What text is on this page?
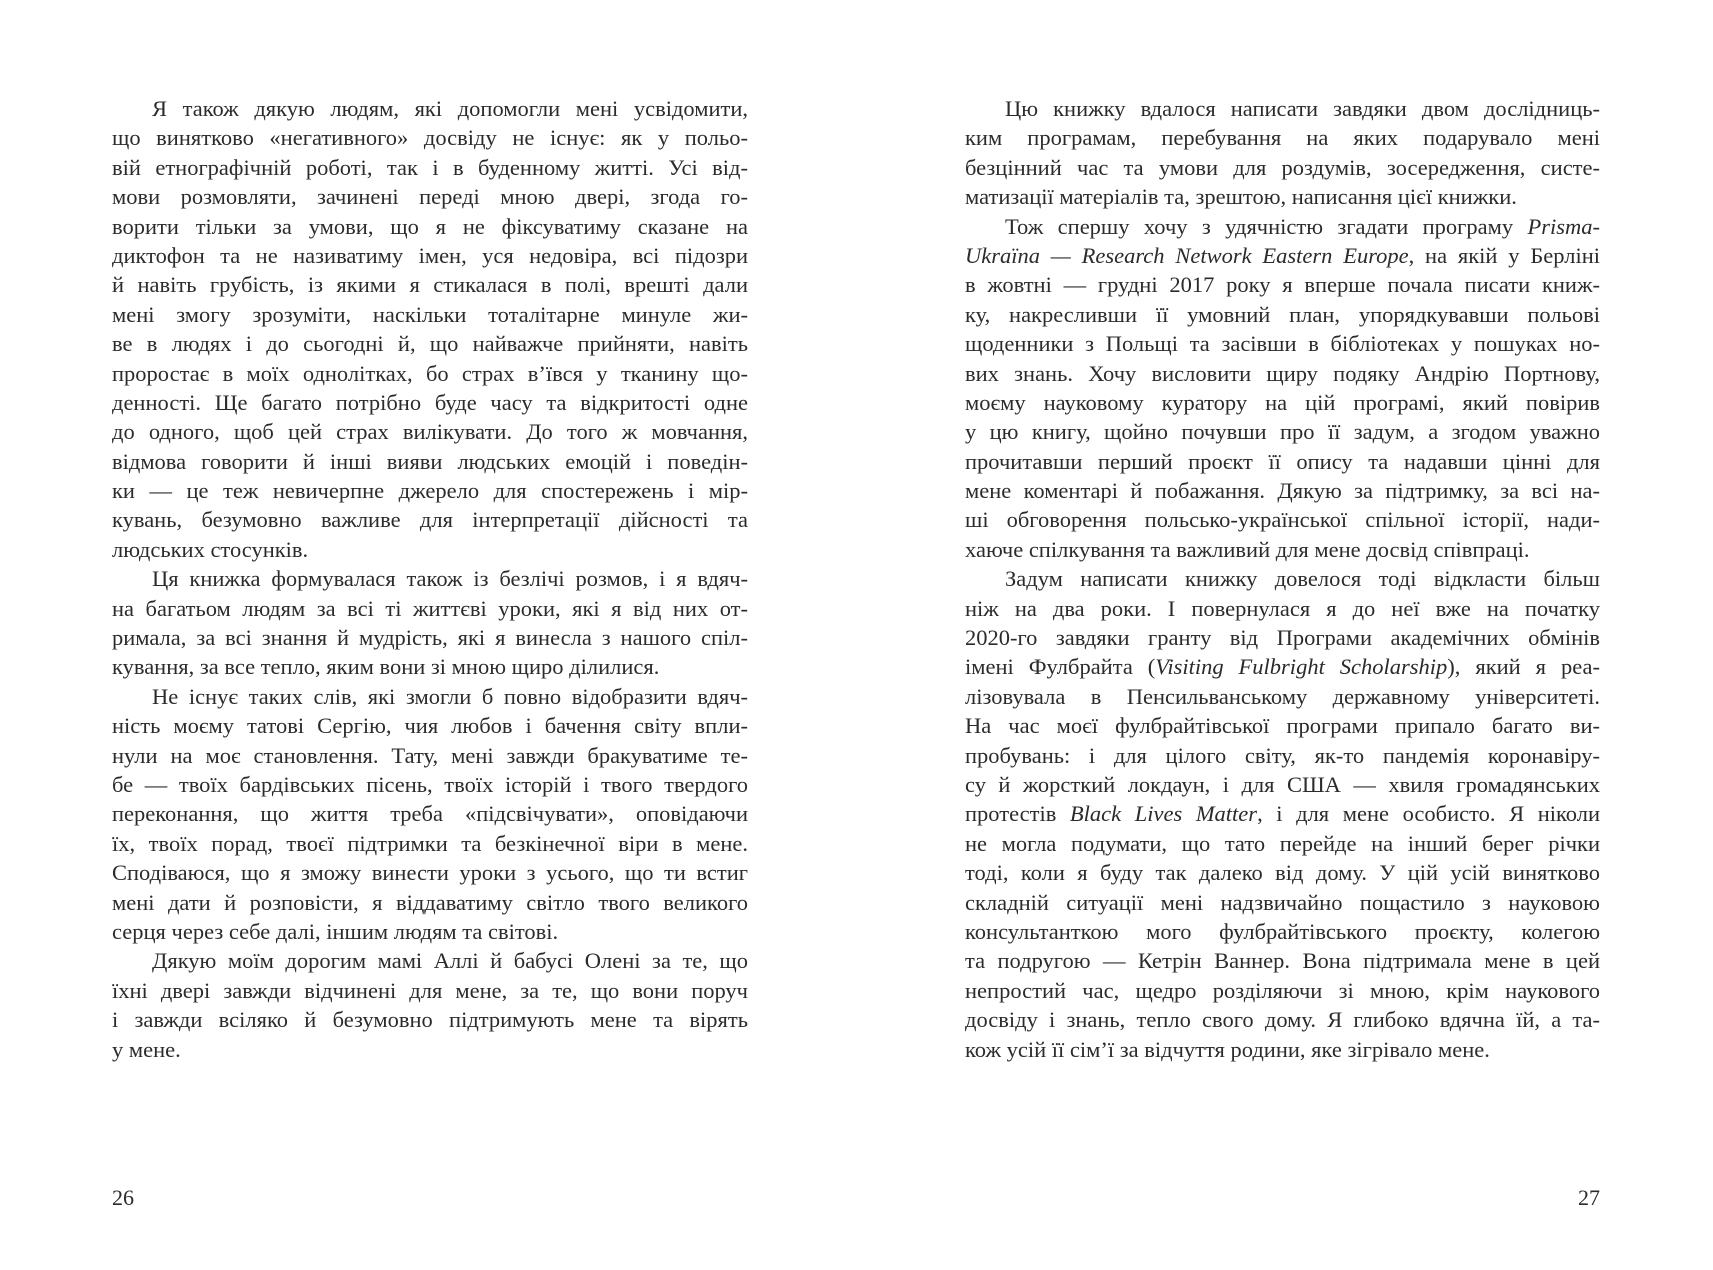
Я також дякую людям, які допомогли мені усвідомити,
що винятково «негативного» досвіду не існує: як у польо-
вій етнографічній роботі, так і в буденному житті. Усі від-
мови розмовляти, зачинені переді мною двері, згода го-
ворити тільки за умови, що я не фіксуватиму сказане на
диктофон та не називатиму імен, уся недовіра, всі підозри
й навіть грубість, із якими я стикалася в полі, врешті дали
мені змогу зрозуміти, наскільки тоталітарне минуле жи-
ве в людях і до сьогодні й, що найважче прийняти, навіть
проростає в моїх однолітках, бо страх в’ївся у тканину що-
денності. Ще багато потрібно буде часу та відкритості одне
до одного, щоб цей страх вилікувати. До того ж мовчання,
відмова говорити й інші вияви людських емоцій і поведін-
ки — це теж невичерпне джерело для спостережень і мір-
кувань, безумовно важливе для інтерпретації дійсності та
людських стосунків.
Ця книжка формувалася також із безлічі розмов, і я вдяч-
на багатьом людям за всі ті життєві уроки, які я від них от-
римала, за всі знання й мудрість, які я винесла з нашого спіл-
кування, за все тепло, яким вони зі мною щиро ділилися.
Не існує таких слів, які змогли б повно відобразити вдяч-
ність моєму татові Сергію, чия любов і бачення світу впли-
нули на моє становлення. Тату, мені завжди бракуватиме те-
бе — твоїх бардівських пісень, твоїх історій і твого твердого
переконання, що життя треба «підсвічувати», оповідаючи
їх, твоїх порад, твоєї підтримки та безкінечної віри в мене.
Сподіваюся, що я зможу винести уроки з усього, що ти встиг
мені дати й розповісти, я віддаватиму світло твого великого
серця через себе далі, іншим людям та світові.
Дякую моїм дорогим мамі Аллі й бабусі Олені за те, що
їхні двері завжди відчинені для мене, за те, що вони поруч
і завжди всіляко й безумовно підтримують мене та вірять
у мене.
Цю книжку вдалося написати завдяки двом дослідниць-
ким програмам, перебування на яких подарувало мені
безцінний час та умови для роздумів, зосередження, систе-
матизації матеріалів та, зрештою, написання цієї книжки.
Тож спершу хочу з удячністю згадати програму Prisma-
Ukraïna — Research Network Eastern Europe, на якій у Берліні
в жовтні — грудні 2017 року я вперше почала писати книж-
ку, накресливши її умовний план, упорядкувавши польові
щоденники з Польщі та засівши в бібліотеках у пошуках но-
вих знань. Хочу висловити щиру подяку Андрію Портнову,
моєму науковому куратору на цій програмі, який повірив
у цю книгу, щойно почувши про її задум, а згодом уважно
прочитавши перший проєкт її опису та надавши цінні для
мене коментарі й побажання. Дякую за підтримку, за всі на-
ші обговорення польсько-української спільної історії, нади-
хаюче спілкування та важливий для мене досвід співпраці.
Задум написати книжку довелося тоді відкласти більш
ніж на два роки. І повернулася я до неї вже на початку
2020-го завдяки гранту від Програми академічних обмінів
імені Фулбрайта (Visiting Fulbright Scholarship), який я реа-
лізовувала в Пенсильванському державному університеті.
На час моєї фулбрайтівської програми припало багато ви-
пробувань: і для цілого світу, як-то пандемія коронавіру-
су й жорсткий локдаун, і для США — хвиля громадянських
протестів Black Lives Matter, і для мене особисто. Я ніколи
не могла подумати, що тато перейде на інший берег річки
тоді, коли я буду так далеко від дому. У цій усій винятково
складній ситуації мені надзвичайно пощастило з науковою
консультанткою мого фулбрайтівського проєкту, колегою
та подругою — Кетрін Ваннер. Вона підтримала мене в цей
непростий час, щедро розділяючи зі мною, крім наукового
досвіду і знань, тепло свого дому. Я глибоко вдячна їй, а та-
кож усій її сім’ї за відчуття родини, яке зігрівало мене.
26	27
